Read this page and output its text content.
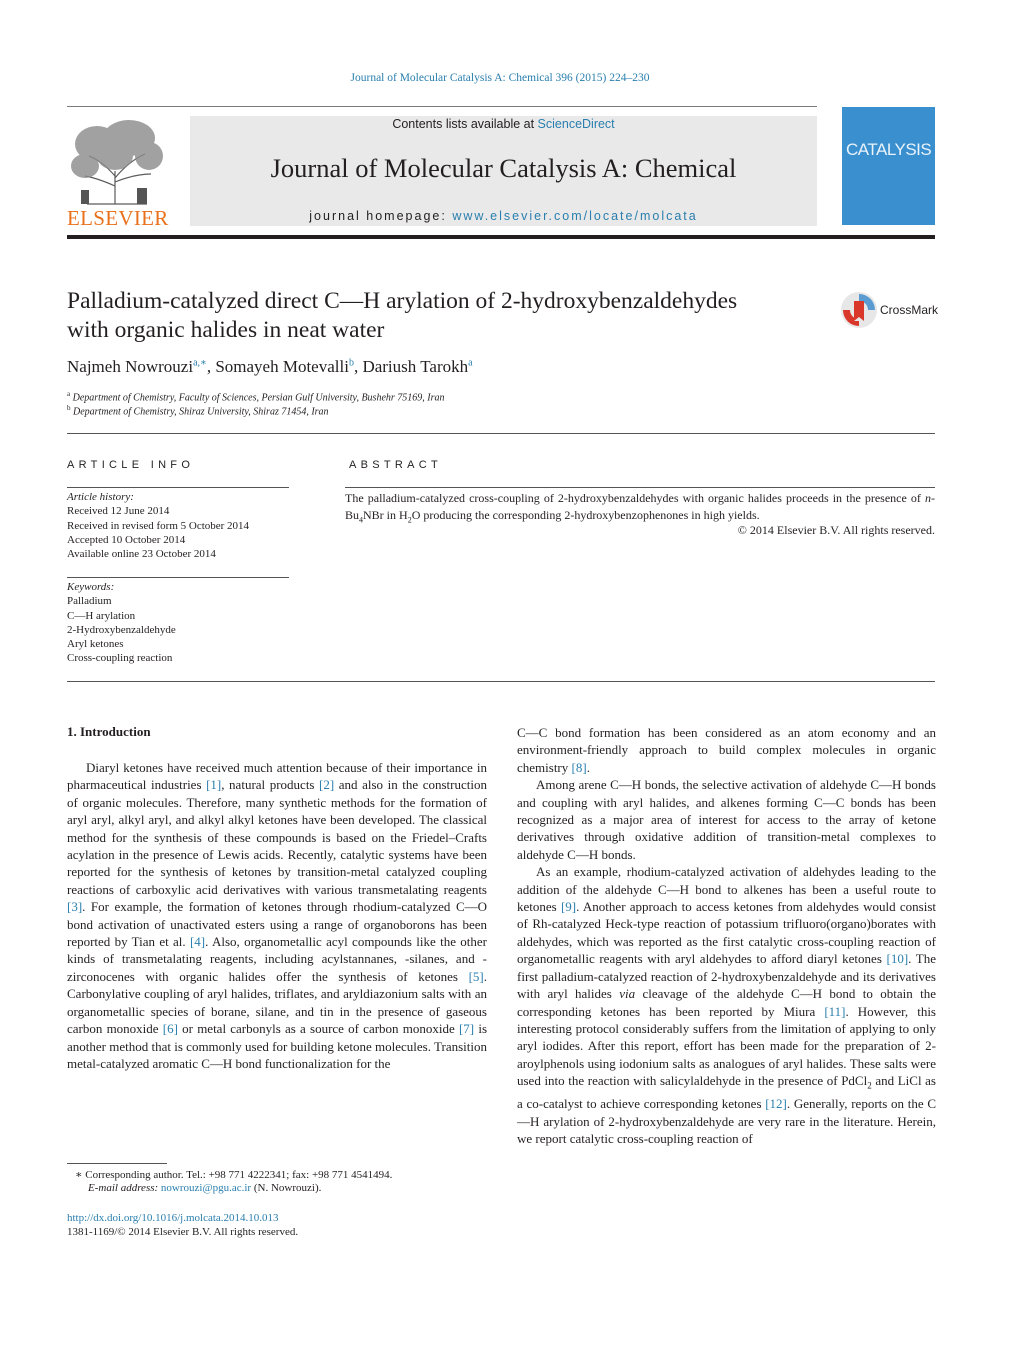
Journal of Molecular Catalysis A: Chemical 396 (2015) 224–230
ELSEVIER
Contents lists available at ScienceDirect
Journal of Molecular Catalysis A: Chemical
journal homepage: www.elsevier.com/locate/molcata
CATALYSIS
Palladium-catalyzed direct C—H arylation of 2-hydroxybenzaldehydes
with organic halides in neat water
CrossMark
Najmeh Nowrouzi$^{a,∗}$, Somayeh Motevalli$^b$, Dariush Tarokh$^a$
$^a$ Department of Chemistry, Faculty of Sciences, Persian Gulf University, Bushehr 75169, Iran
$^b$ Department of Chemistry, Shiraz University, Shiraz 71454, Iran
ARTICLE INFO
Article history:
Received 12 June 2014
Received in revised form 5 October 2014
Accepted 10 October 2014
Available online 23 October 2014
Keywords:
Palladium
C—H arylation
2-Hydroxybenzaldehyde
Aryl ketones
Cross-coupling reaction
ABSTRACT
The palladium-catalyzed cross-coupling of 2-hydroxybenzaldehydes with organic halides proceeds in the presence of $n-Bu_4NBr$ in $H_2O$ producing the corresponding 2-hydroxybenzophenones in high yields.
© 2014 Elsevier B.V. All rights reserved.
1. Introduction

Diaryl ketones have received much attention because of their importance in pharmaceutical industries [1], natural products [2] and also in the construction of organic molecules. Therefore, many synthetic methods for the formation of aryl aryl, alkyl aryl, and alkyl alkyl ketones have been developed. The classical method for the synthesis of these compounds is based on the Friedel–Crafts acylation in the presence of Lewis acids. Recently, catalytic systems have been reported for the synthesis of ketones by transition-metal catalyzed coupling reactions of carboxylic acid derivatives with various transmetalating reagents [3]. For example, the formation of ketones through rhodium-catalyzed C—O bond activation of unactivated esters using a range of organoborons has been reported by Tian et al. [4]. Also, organometallic acyl compounds like the other kinds of transmetalating reagents, including acylstannanes, -silanes, and -zirconocenes with organic halides offer the synthesis of ketones [5]. Carbonylative coupling of aryl halides, triflates, and aryldiazonium salts with an organometallic species of borane, silane, and tin in the presence of gaseous carbon monoxide [6] or metal carbonyls as a source of carbon monoxide [7] is another method that is commonly used for building ketone molecules. Transition metal-catalyzed aromatic C—H bond functionalization for the

C—C bond formation has been considered as an atom economy and an environment-friendly approach to build complex molecules in organic chemistry [8].

Among arene C—H bonds, the selective activation of aldehyde C—H bonds and coupling with aryl halides, and alkenes forming C—C bonds has been recognized as a major area of interest for access to the array of ketone derivatives through oxidative addition of transition-metal complexes to aldehyde C—H bonds.

As an example, rhodium-catalyzed activation of aldehydes leading to the addition of the aldehyde C—H bond to alkenes has been a useful route to ketones [9]. Another approach to access ketones from aldehydes would consist of Rh-catalyzed Heck-type reaction of potassium trifluoro(organo)borates with aldehydes, which was reported as the first catalytic cross-coupling reaction of organometallic reagents with aryl aldehydes to afford diaryl ketones [10]. The first palladium-catalyzed reaction of 2-hydroxybenzaldehyde and its derivatives with aryl halides via cleavage of the aldehyde C—H bond to obtain the corresponding ketones has been reported by Miura [11]. However, this interesting protocol considerably suffers from the limitation of applying to only aryl iodides. After this report, effort has been made for the preparation of 2-aroylphenols using iodonium salts as analogues of aryl halides. These salts were used into the reaction with salicylaldehyde in the presence of PdCl$_2$ and LiCl as a co-catalyst to achieve corresponding ketones [12]. Generally, reports on the C—H arylation of 2-hydroxybenzaldehyde are very rare in the literature. Herein, we report catalytic cross-coupling reaction of

∗ Corresponding author. Tel.: +98 771 4222341; fax: +98 771 4541494.
E-mail address: nowrouzi@pgu.ac.ir (N. Nowrouzi).
http://dx.doi.org/10.1016/j.molcata.2014.10.013
1381-1169/© 2014 Elsevier B.V. All rights reserved.
